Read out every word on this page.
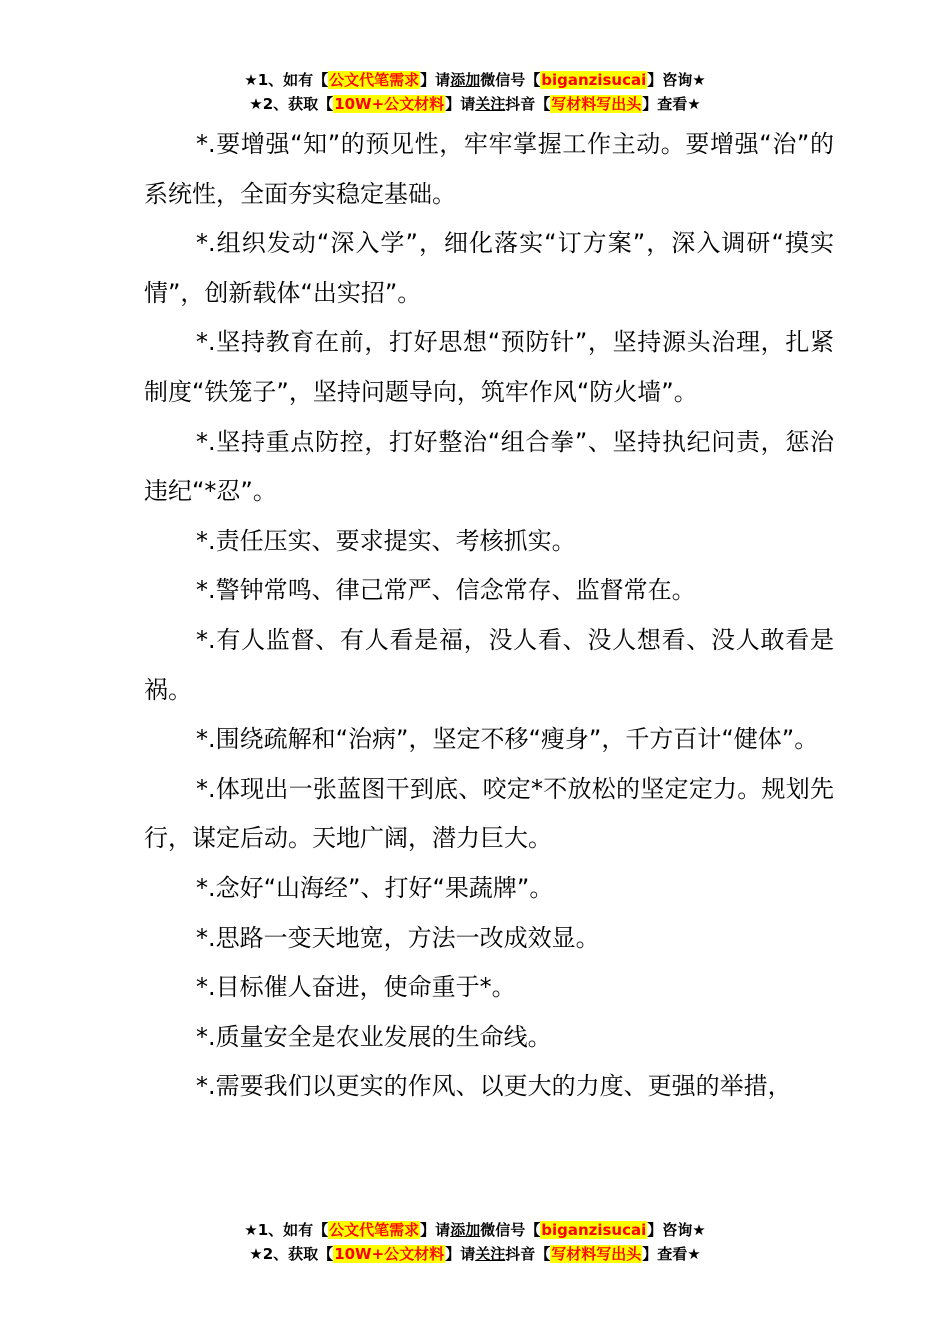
★1、如有【公文代笔需求】请添加微信号【biganzisucai】咨询★
★2、获取【10W+公文材料】请关注抖音【写材料写出头】查看★

*.要增强“知”的预见性，牢牢掌握工作主动。要增强“治”的系统性，全面夯实稳定基础。

*.组织发动“深入学”，细化落实“订方案”，深入调研“摸实情”，创新载体“出实招”。

*.坚持教育在前，打好思想“预防针”，坚持源头治理，扎紧制度“铁笼子”，坚持问题导向，筑牢作风“防火墙”。

*.坚持重点防控，打好整治“组合拳”、坚持执纪问责，惩治违纪“*忍”。

*.责任压实、要求提实、考核抓实。

*.警钟常鸣、律己常严、信念常存、监督常在。

*.有人监督、有人看是福，没人看、没人想看、没人敢看是祸。

*.围绕疏解和“治病”，坚定不移“瘦身”，千方百计“健体”。

*.体现出一张蓝图干到底、咬定*不放松的坚定定力。规划先行，谋定后动。天地广阔，潜力巨大。

*.念好“山海经”、打好“果蔬牌”。

*.思路一变天地宽，方法一改成效显。

*.目标催人奋进，使命重于*。

*.质量安全是农业发展的生命线。

*.需要我们以更实的作风、以更大的力度、更强的举措，

★1、如有【公文代笔需求】请添加微信号【biganzisucai】咨询★
★2、获取【10W+公文材料】请关注抖音【写材料写出头】查看★
